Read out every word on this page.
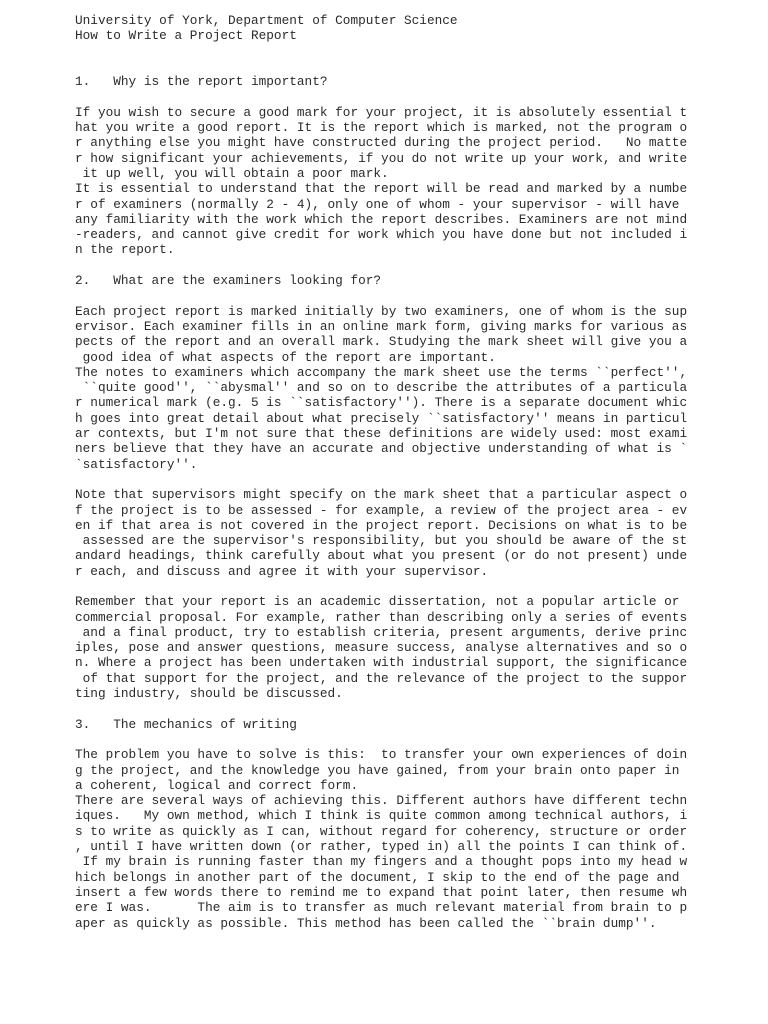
University of York, Department of Computer Science
How to Write a Project Report
1.   Why is the report important?
If you wish to secure a good mark for your project, it is absolutely essential t
hat you write a good report. It is the report which is marked, not the program o
r anything else you might have constructed during the project period.   No matte
r how significant your achievements, if you do not write up your work, and write
it up well, you will obtain a poor mark.
It is essential to understand that the report will be read and marked by a numbe
r of examiners (normally 2 - 4), only one of whom - your supervisor - will have
any familiarity with the work which the report describes. Examiners are not mind
-readers, and cannot give credit for work which you have done but not included i
n the report.
2.   What are the examiners looking for?
Each project report is marked initially by two examiners, one of whom is the sup
ervisor. Each examiner fills in an online mark form, giving marks for various as
pects of the report and an overall mark. Studying the mark sheet will give you a
good idea of what aspects of the report are important.
The notes to examiners which accompany the mark sheet use the terms ``perfect'',
``quite good'', ``abysmal'' and so on to describe the attributes of a particula
r numerical mark (e.g. 5 is ``satisfactory''). There is a separate document whic
h goes into great detail about what precisely ``satisfactory'' means in particul
ar contexts, but I'm not sure that these definitions are widely used: most exami
ners believe that they have an accurate and objective understanding of what is `
`satisfactory''.
Note that supervisors might specify on the mark sheet that a particular aspect o
f the project is to be assessed - for example, a review of the project area - ev
en if that area is not covered in the project report. Decisions on what is to be
assessed are the supervisor's responsibility, but you should be aware of the st
andard headings, think carefully about what you present (or do not present) unde
r each, and discuss and agree it with your supervisor.
Remember that your report is an academic dissertation, not a popular article or
commercial proposal. For example, rather than describing only a series of events
and a final product, try to establish criteria, present arguments, derive princ
iples, pose and answer questions, measure success, analyse alternatives and so o
n. Where a project has been undertaken with industrial support, the significance
of that support for the project, and the relevance of the project to the suppor
ting industry, should be discussed.
3.   The mechanics of writing
The problem you have to solve is this:  to transfer your own experiences of doin
g the project, and the knowledge you have gained, from your brain onto paper in
a coherent, logical and correct form.
There are several ways of achieving this. Different authors have different techn
iques.   My own method, which I think is quite common among technical authors, i
s to write as quickly as I can, without regard for coherency, structure or order
, until I have written down (or rather, typed in) all the points I can think of.
If my brain is running faster than my fingers and a thought pops into my head w
hich belongs in another part of the document, I skip to the end of the page and
insert a few words there to remind me to expand that point later, then resume wh
ere I was.      The aim is to transfer as much relevant material from brain to p
aper as quickly as possible. This method has been called the ``brain dump''.
